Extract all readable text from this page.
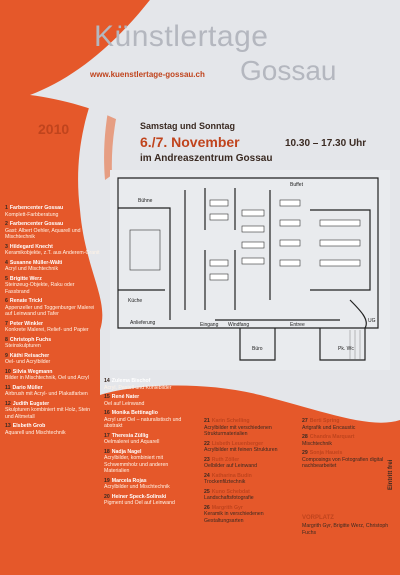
Künstlertage
Gossau
www.kuenstlertage-gossau.ch
2010	Samstag und Sonntag
6./7. November	10.30 – 17.30 Uhr
im Andreaszentrum Gossau
Bühne
Buffet
Küche
Anlieferung	Eingang Windfang	Entree
Büro	Pk. Wc
UG
1 Farbencenter Gossau
Komplett-Farbberatung
2 Farbencenter Gossau
Gast: Albert Oehler, Aquarell und Mischtechnik
3 Hildegard Knecht
Keramikobjekte, z.T. aus Anderem-Granit
4 Susanne Müller-Wälti
Acryl und Mischtechnik
5 Brigitte Werz
Steinzeug-Objekte, Raku oder Fassbrand
6 Renate Trickl
Appenzeller und Toggenburger Malerei auf Leinwand und Tafer
7 Peter Winkler
Konkrete Malerei, Relief- und Papier
8 Christoph Fuchs
Steinskulpturen
9 Käthi Reisacher
Oel- und Acrylbilder
10 Silvia Wegmann
Bilder in Mischtechnik, Oel und Acryl
11 Dario Müller
Airbrush mit Acryl- und Plakatfarben
12 Judith Eugster
Skulpturen kombiniert mit Holz, Stein und Altmetall
13 Elsbeth Grob
Aquarell und Mischtechnik
14 Zulema Bischof
Acryl, Pastell und Kohlebilder
15 René Nater
Oel auf Leinwand
16 Monika Bettinaglio
Acryl und Oel – naturalistisch und abstrakt
17 Theresia Züllig
Oelmalerei und Aquarell
18 Nadja Nagel
Acrylbilder, kombiniert mit Schwemmholz und anderen Materialien
19 Marcela Rojas
Acrylbilder und Mischtechnik
20 Heiner Speck-Solinski
Pigment und Oel auf Leinwand
21 Karin Schelling
Acrylbilder mit verschiedenen Strukturmaterialien
22 Lisbeth Leuenberger
Acrylbilder mit feinen Strukturen
23 Ruth Zöller
Oelbilder auf Leinwand
24 Katharina Budin
Trockenfilztechnik
25 Kuno Schebdat
Landschaftsfotografie
26 Margrith Gyr
Keramik in verschiedenen Gestaltungsarten
27 Berti Spring
Artgrafik und Encaustic
28 Chandra Marquart
Mischtechnik
29 Sonja Haueis
Composings von Fotografien digital nachbearbeitet
VORPLATZ
Margrith Gyr, Brigitte Werz, Christoph Fuchs
Eintritt frei
